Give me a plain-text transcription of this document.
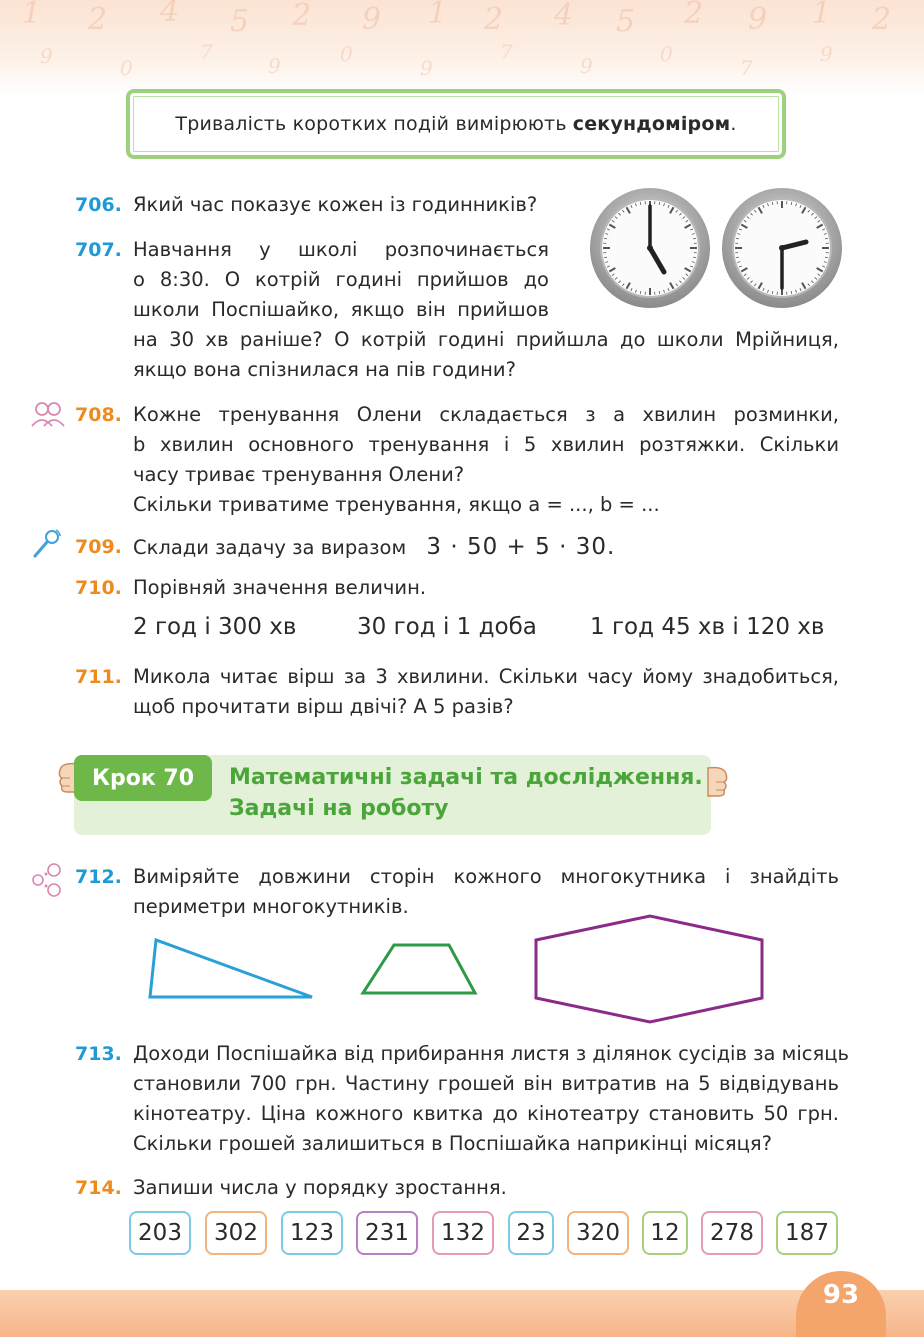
1 2 4 5 2 9 1 2 4 5 2 9 1 2
9	0
7
9	0
9
7
9	0
7
9
Тривалість коротких подій вимірюють секундоміром .
706. Який час показує кожен із годинників?
707. Навчання у школі розпочинається
о 8:30. О котрій годині прийшов до
школи Поспішайко, якщо він прийшов
на 30 хв раніше? О котрій годині прийшла до школи Мрійниця,
якщо вона спізнилася на пів години?
708. Кожне тренування Олени складається з а хвилин розминки,
b хвилин основного тренування і 5 хвилин розтяжки. Скільки
часу триває тренування Олени?
Скільки триватиме тренування, якщо а = ..., b = ...
709. Склади задачу за виразом 3 · 50 + 5 · 30.
710. Порівняй значення величин.
2 год і 300 хв	30 год і 1 доба 1 год 45 хв і 120 хв
711. Микола читає вірш за 3 хвилини. Скільки часу йому знадобиться,
щоб прочитати вірш двічі? А 5 разів?
Крок 70	Математичні задачі та дослідження.
Задачі на роботу
712. Виміряйте довжини сторін кожного многокутника і знайдіть
периметри многокутників.
713. Доходи Поспішайка від прибирання листя з ділянок сусідів за місяць
становили 700 грн. Частину грошей він витратив на 5 відвідувань
кінотеатру. Ціна кожного квитка до кінотеатру становить 50 грн.
Скільки грошей залишиться в Поспішайка наприкінці місяця?
714. Запиши числа у порядку зростання.
203 302 123 231 132 23 320 12 278 187
93
